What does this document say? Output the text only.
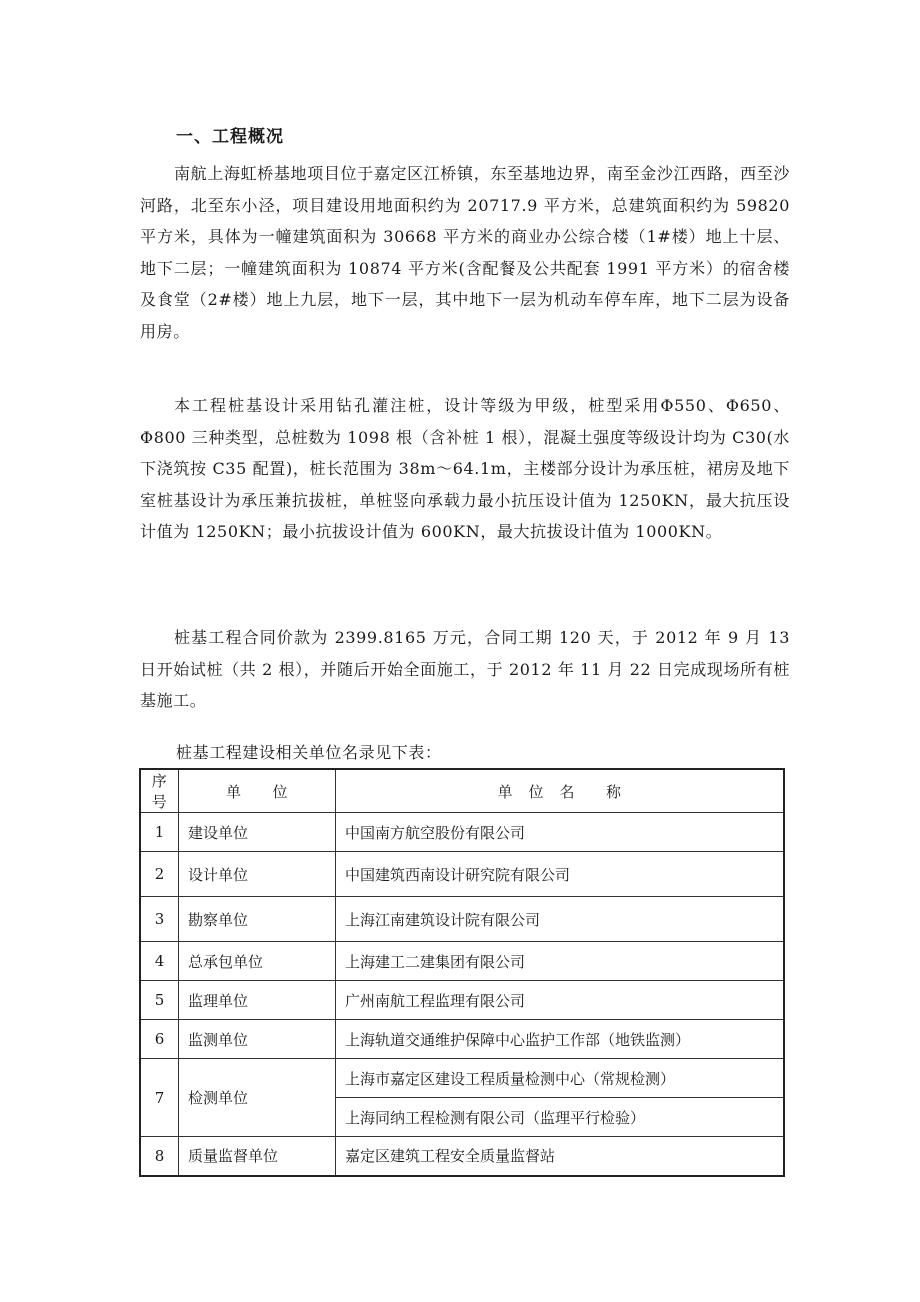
一、工程概况

南航上海虹桥基地项目位于嘉定区江桥镇，东至基地边界，南至金沙江西路，西至沙河路，北至东小泾，项目建设用地面积约为 20717.9 平方米，总建筑面积约为 59820 平方米，具体为一幢建筑面积为 30668 平方米的商业办公综合楼（1#楼）地上十层、地下二层；一幢建筑面积为 10874 平方米(含配餐及公共配套 1991 平方米）的宿舍楼及食堂（2#楼）地上九层，地下一层，其中地下一层为机动车停车库，地下二层为设备用房。

本工程桩基设计采用钻孔灌注桩，设计等级为甲级，桩型采用Φ550、Φ650、Φ800 三种类型，总桩数为 1098 根（含补桩 1 根），混凝土强度等级设计均为 C30(水下浇筑按 C35 配置)，桩长范围为 38m～64.1m，主楼部分设计为承压桩，裙房及地下室桩基设计为承压兼抗拔桩，单桩竖向承载力最小抗压设计值为 1250KN，最大抗压设计值为 1250KN；最小抗拔设计值为 600KN，最大抗拔设计值为 1000KN。

桩基工程合同价款为 2399.8165 万元，合同工期 120 天，于 2012 年 9 月 13 日开始试桩（共 2 根），并随后开始全面施工，于 2012 年 11 月 22 日完成现场所有桩基施工。

桩基工程建设相关单位名录见下表：
序号	单　　位	单　位　名　　称
1	建设单位	中国南方航空股份有限公司
2	设计单位	中国建筑西南设计研究院有限公司
3	勘察单位	上海江南建筑设计院有限公司
4	总承包单位	上海建工二建集团有限公司
5	监理单位	广州南航工程监理有限公司
6	监测单位	上海轨道交通维护保障中心监护工作部（地铁监测）
7	检测单位	上海市嘉定区建设工程质量检测中心（常规检测）
		上海同纳工程检测有限公司（监理平行检验）
8	质量监督单位	嘉定区建筑工程安全质量监督站
